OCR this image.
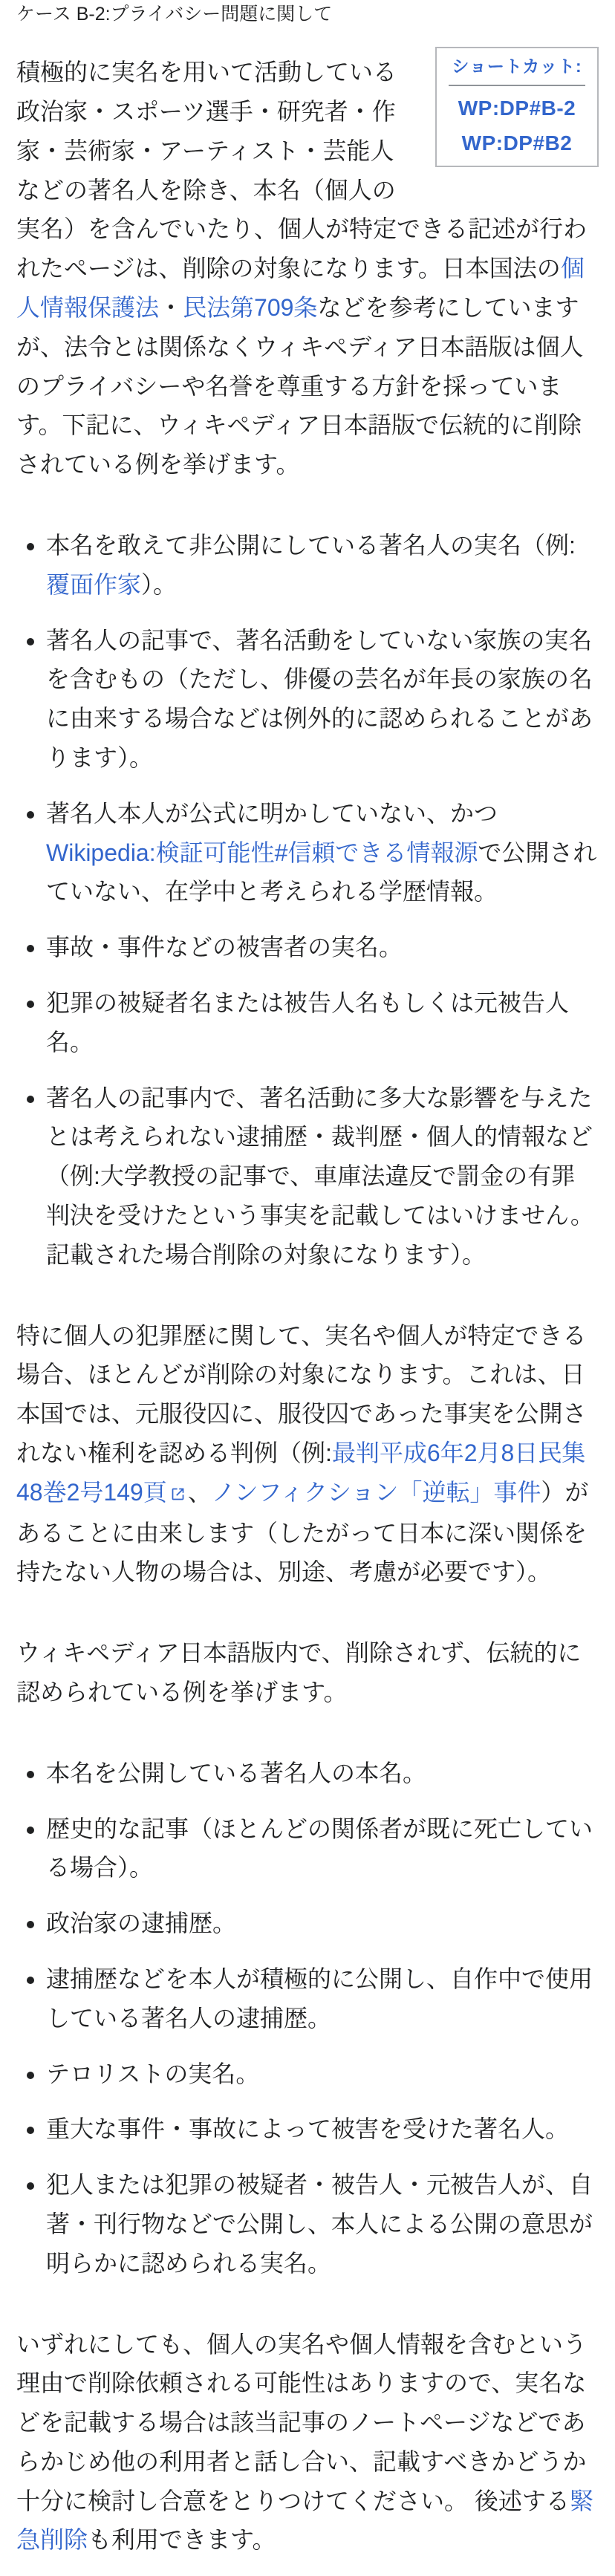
ケース B-2:プライバシー問題に関して
ショートカット:
WP:DP#B-2
WP:DP#B2

積極的に実名を用いて活動している政治家・スポーツ選手・研究者・作家・芸術家・アーティスト・芸能人などの著名人を除き、本名（個人の実名）を含んでいたり、個人が特定できる記述が行われたページは、削除の対象になります。日本国法の個人情報保護法・民法第709条などを参考にしていますが、法令とは関係なくウィキペディア日本語版は個人のプライバシーや名誉を尊重する方針を採っています。下記に、ウィキペディア日本語版で伝統的に削除されている例を挙げます。

• 本名を敢えて非公開にしている著名人の実名（例:覆面作家）。
• 著名人の記事で、著名活動をしていない家族の実名を含むもの（ただし、俳優の芸名が年長の家族の名に由来する場合などは例外的に認められることがあります）。
• 著名人本人が公式に明かしていない、かつWikipedia:検証可能性#信頼できる情報源で公開されていない、在学中と考えられる学歴情報。
• 事故・事件などの被害者の実名。
• 犯罪の被疑者名または被告人名もしくは元被告人名。
• 著名人の記事内で、著名活動に多大な影響を与えたとは考えられない逮捕歴・裁判歴・個人的情報など（例:大学教授の記事で、車庫法違反で罰金の有罪判決を受けたという事実を記載してはいけません。記載された場合削除の対象になります）。

特に個人の犯罪歴に関して、実名や個人が特定できる場合、ほとんどが削除の対象になります。これは、日本国では、元服役囚に、服役囚であった事実を公開されない権利を認める判例（例:最判平成6年2月8日民集48巻2号149頁 、ノンフィクション「逆転」事件）があることに由来します（したがって日本に深い関係を持たない人物の場合は、別途、考慮が必要です）。

ウィキペディア日本語版内で、削除されず、伝統的に認められている例を挙げます。

• 本名を公開している著名人の本名。
• 歴史的な記事（ほとんどの関係者が既に死亡している場合）。
• 政治家の逮捕歴。
• 逮捕歴などを本人が積極的に公開し、自作中で使用している著名人の逮捕歴。
• テロリストの実名。
• 重大な事件・事故によって被害を受けた著名人。
• 犯人または犯罪の被疑者・被告人・元被告人が、自著・刊行物などで公開し、本人による公開の意思が明らかに認められる実名。

いずれにしても、個人の実名や個人情報を含むという理由で削除依頼される可能性はありますので、実名などを記載する場合は該当記事のノートページなどであらかじめ他の利用者と話し合い、記載すべきかどうか十分に検討し合意をとりつけてください。 後述する緊急削除も利用できます。
